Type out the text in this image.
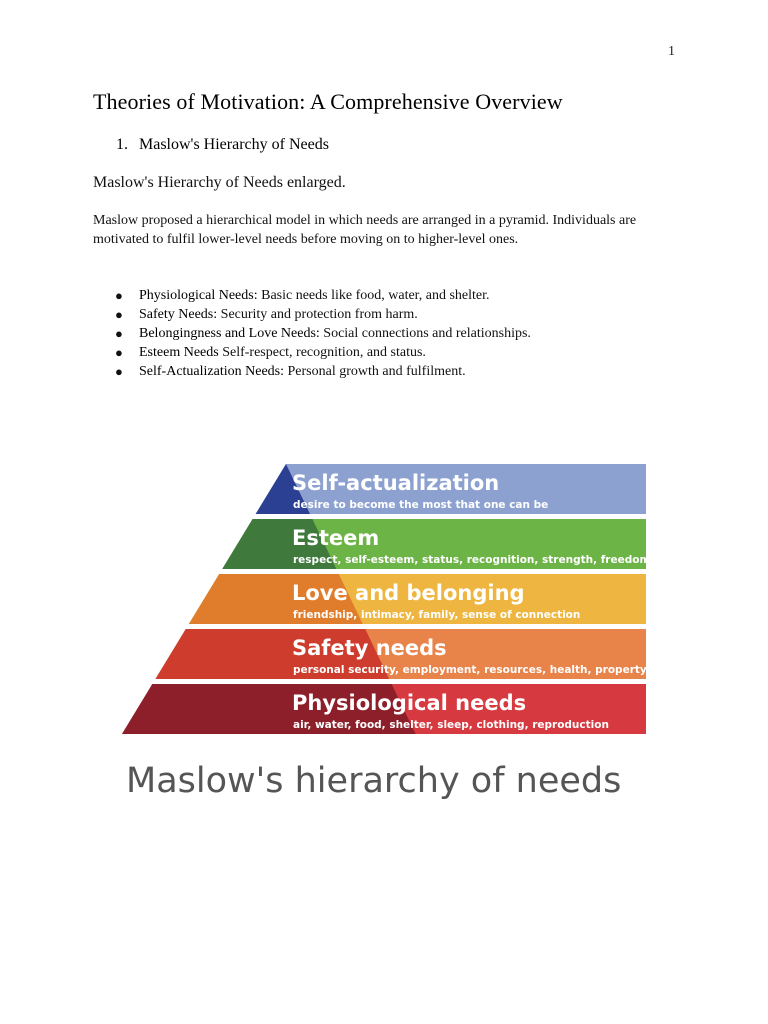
1
Theories of Motivation: A Comprehensive Overview
1. Maslow's Hierarchy of Needs

Maslow's Hierarchy of Needs enlarged.

Maslow proposed a hierarchical model in which needs are arranged in a pyramid. Individuals are motivated to fulfil lower-level needs before moving on to higher-level ones.

● Physiological Needs: Basic needs like food, water, and shelter.
● Safety Needs: Security and protection from harm.
● Belongingness and Love Needs: Social connections and relationships.
● Esteem Needs Self-respect, recognition, and status.
● Self-Actualization Needs: Personal growth and fulfilment.
Self-actualization
desire to become the most that one can be
Esteem
respect, self-esteem, status, recognition, strength, freedom
Love and belonging
friendship, intimacy, family, sense of connection
Safety needs
personal security, employment, resources, health, property
Physiological needs
air, water, food, shelter, sleep, clothing, reproduction
Maslow's hierarchy of needs
